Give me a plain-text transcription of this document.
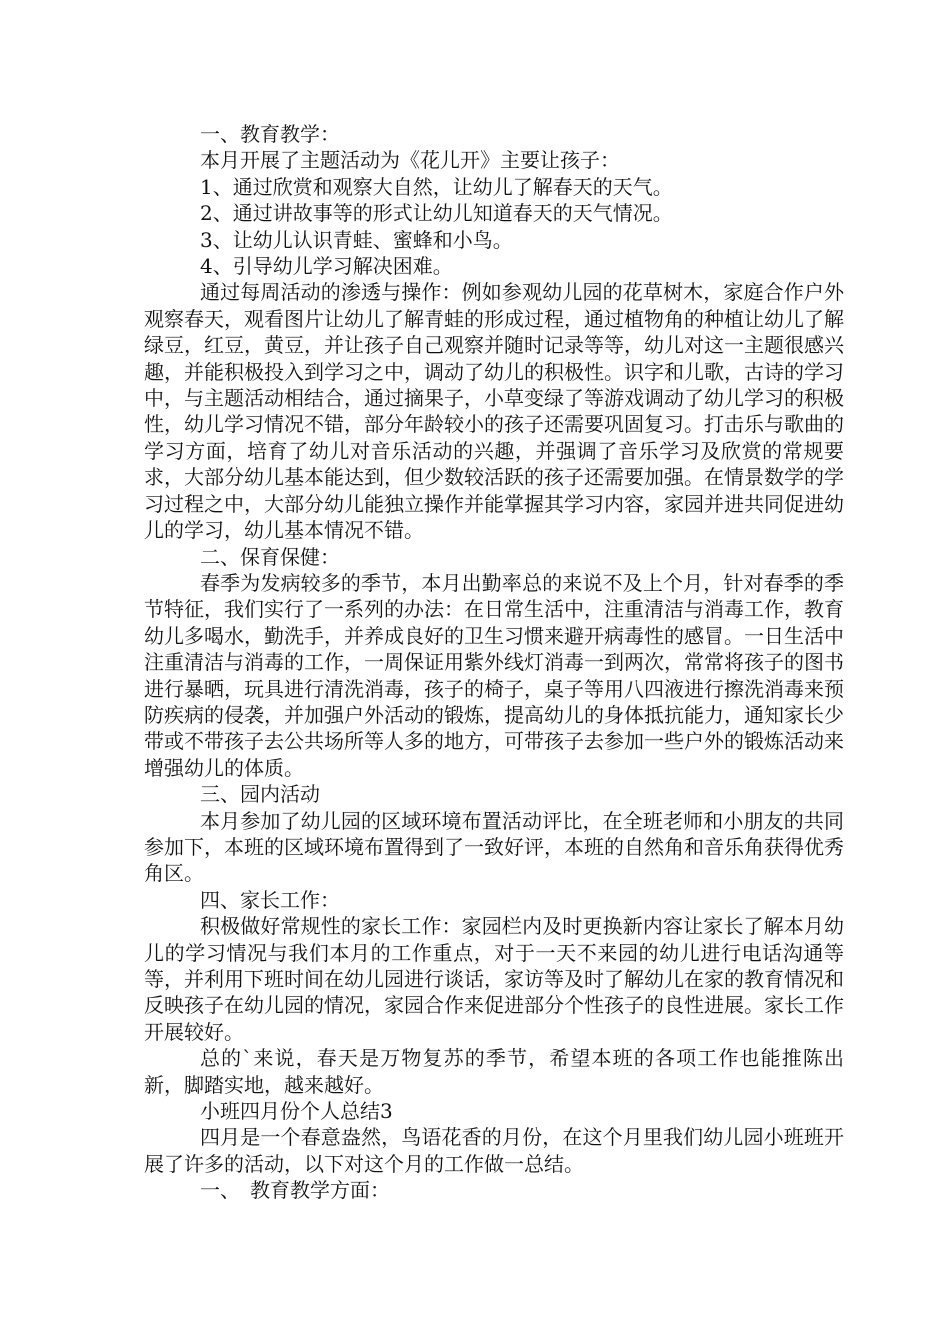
一、教育教学：

本月开展了主题活动为《花儿开》主要让孩子：

1、通过欣赏和观察大自然，让幼儿了解春天的天气。

2、通过讲故事等的形式让幼儿知道春天的天气情况。

3、让幼儿认识青蛙、蜜蜂和小鸟。

4、引导幼儿学习解决困难。

通过每周活动的渗透与操作：例如参观幼儿园的花草树木，家庭合作户外观察春天，观看图片让幼儿了解青蛙的形成过程，通过植物角的种植让幼儿了解绿豆，红豆，黄豆，并让孩子自己观察并随时记录等等，幼儿对这一主题很感兴趣，并能积极投入到学习之中，调动了幼儿的积极性。识字和儿歌，古诗的学习中，与主题活动相结合，通过摘果子，小草变绿了等游戏调动了幼儿学习的积极性，幼儿学习情况不错，部分年龄较小的孩子还需要巩固复习。打击乐与歌曲的学习方面，培育了幼儿对音乐活动的兴趣，并强调了音乐学习及欣赏的常规要求，大部分幼儿基本能达到，但少数较活跃的孩子还需要加强。在情景数学的学习过程之中，大部分幼儿能独立操作并能掌握其学习内容，家园并进共同促进幼儿的学习，幼儿基本情况不错。

二、保育保健：

春季为发病较多的季节，本月出勤率总的来说不及上个月，针对春季的季节特征，我们实行了一系列的办法：在日常生活中，注重清洁与消毒工作，教育幼儿多喝水，勤洗手，并养成良好的卫生习惯来避开病毒性的感冒。一日生活中注重清洁与消毒的工作，一周保证用紫外线灯消毒一到两次，常常将孩子的图书进行暴晒，玩具进行清洗消毒，孩子的椅子，桌子等用八四液进行擦洗消毒来预防疾病的侵袭，并加强户外活动的锻炼，提高幼儿的身体抵抗能力，通知家长少带或不带孩子去公共场所等人多的地方，可带孩子去参加一些户外的锻炼活动来增强幼儿的体质。

三、园内活动

本月参加了幼儿园的区域环境布置活动评比，在全班老师和小朋友的共同参加下，本班的区域环境布置得到了一致好评，本班的自然角和音乐角获得优秀角区。

四、家长工作：

积极做好常规性的家长工作：家园栏内及时更换新内容让家长了解本月幼儿的学习情况与我们本月的工作重点，对于一天不来园的幼儿进行电话沟通等等，并利用下班时间在幼儿园进行谈话，家访等及时了解幼儿在家的教育情况和反映孩子在幼儿园的情况，家园合作来促进部分个性孩子的良性进展。家长工作开展较好。

总的`来说，春天是万物复苏的季节，希望本班的各项工作也能推陈出新，脚踏实地，越来越好。

小班四月份个人总结3

四月是一个春意盎然，鸟语花香的月份，在这个月里我们幼儿园小班班开展了许多的活动，以下对这个月的工作做一总结。

一、　教育教学方面：
